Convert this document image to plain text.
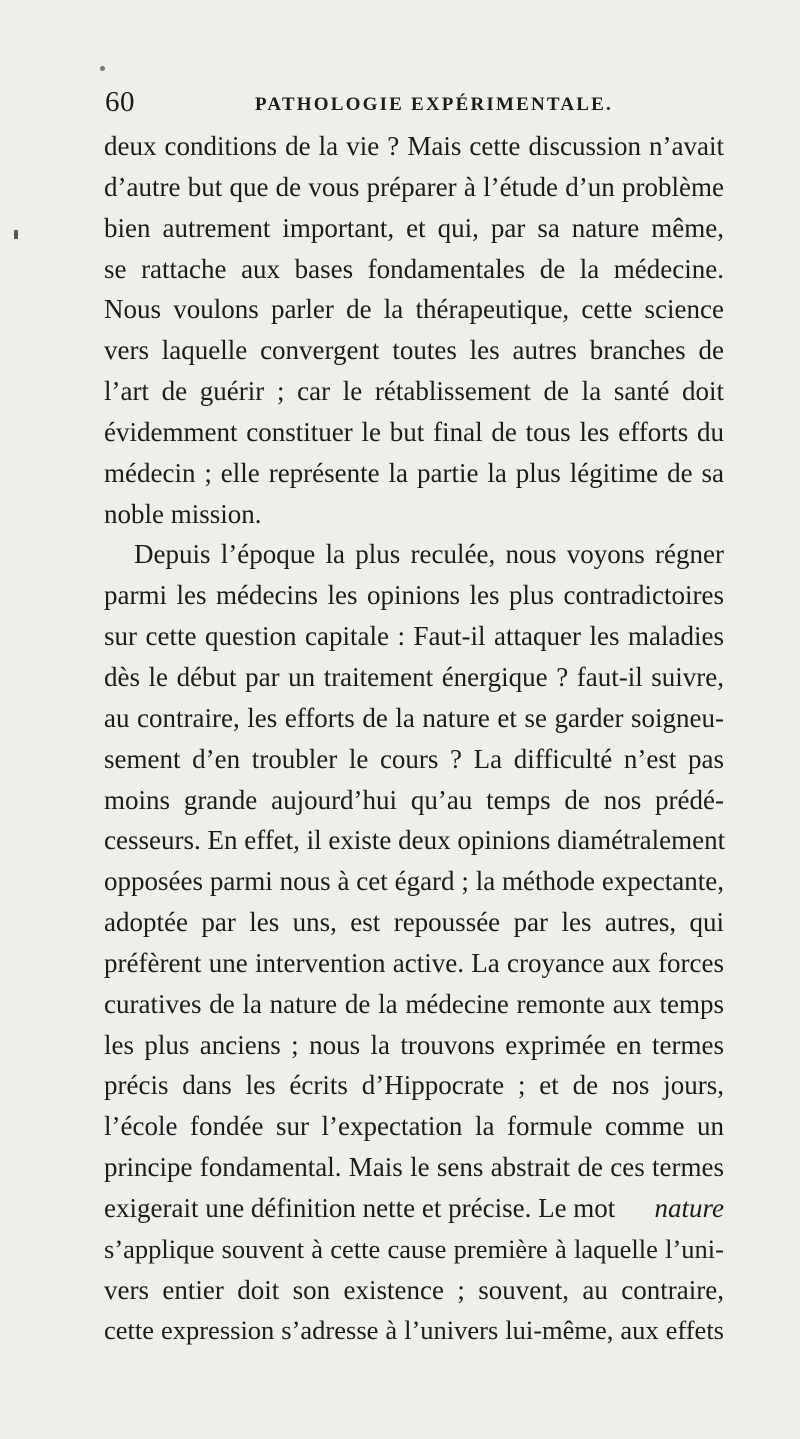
60	PATHOLOGIE EXPÉRIMENTALE.
deux conditions de la vie ? Mais cette discussion n’avait
d’autre but que de vous préparer à l’étude d’un problème
bien autrement important, et qui, par sa nature même,
se rattache aux bases fondamentales de la médecine.
Nous voulons parler de la thérapeutique, cette science
vers laquelle convergent toutes les autres branches de
l’art de guérir ; car le rétablissement de la santé doit
évidemment constituer le but final de tous les efforts du
médecin ; elle représente la partie la plus légitime de sa
noble mission.
Depuis l’époque la plus reculée, nous voyons régner
parmi les médecins les opinions les plus contradictoires
sur cette question capitale : Faut-il attaquer les maladies
dès le début par un traitement énergique ? faut-il suivre,
au contraire, les efforts de la nature et se garder soigneu-
sement d’en troubler le cours ? La difficulté n’est pas
moins grande aujourd’hui qu’au temps de nos prédé-
cesseurs. En effet, il existe deux opinions diamétralement
opposées parmi nous à cet égard ; la méthode expectante,
adoptée par les uns, est repoussée par les autres, qui
préfèrent une intervention active. La croyance aux forces
curatives de la nature de la médecine remonte aux temps
les plus anciens ; nous la trouvons exprimée en termes
précis dans les écrits d’Hippocrate ; et de nos jours,
l’école fondée sur l’expectation la formule comme un
principe fondamental. Mais le sens abstrait de ces termes
exigerait une définition nette et précise. Le mot nature
s’applique souvent à cette cause première à laquelle l’uni-
vers entier doit son existence ; souvent, au contraire,
cette expression s’adresse à l’univers lui-même, aux effets
